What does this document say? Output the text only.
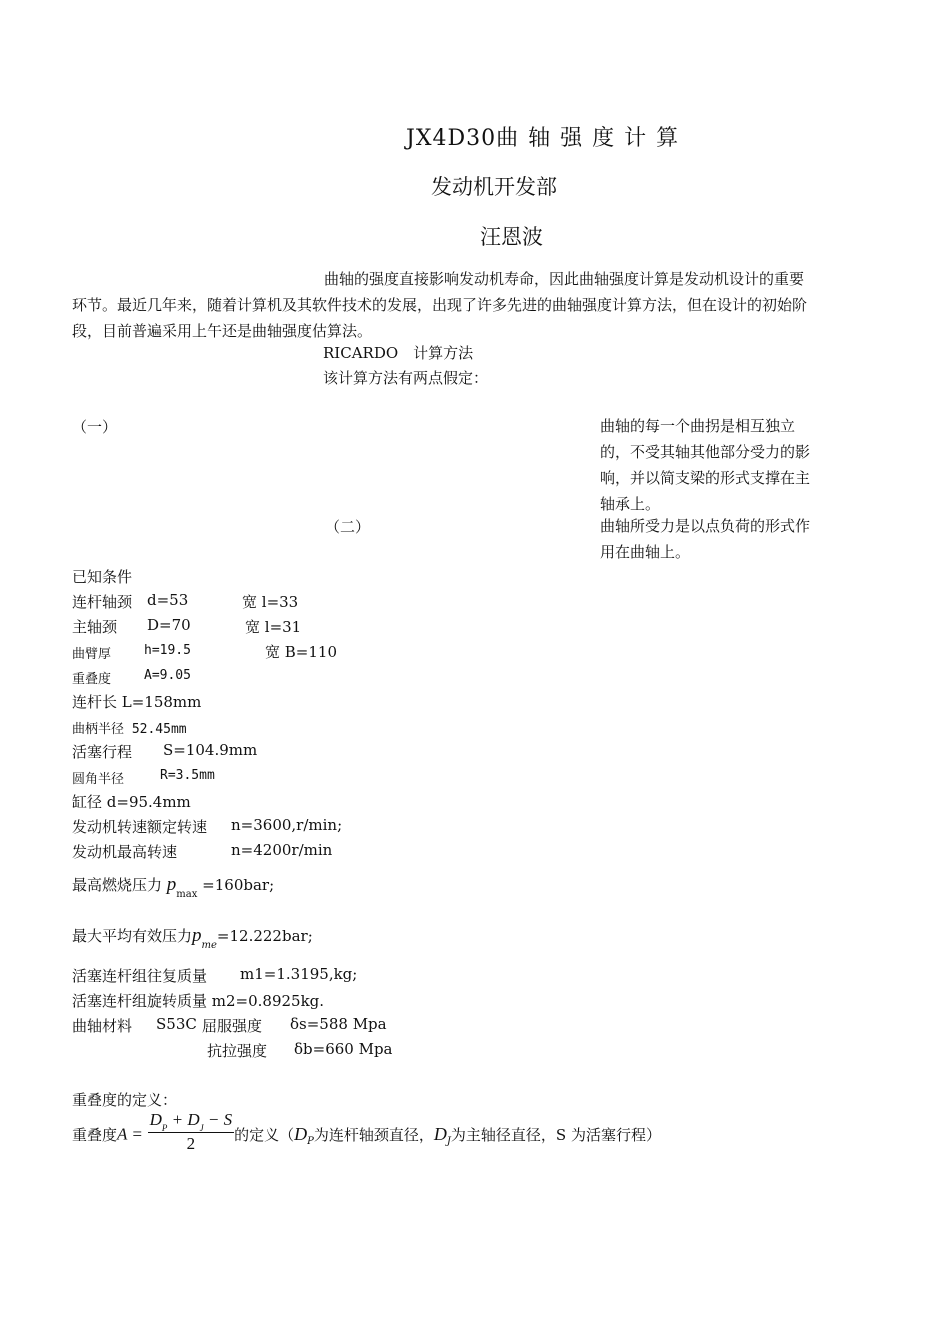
JX4D30曲轴强度计算
发动机开发部
汪恩波
曲轴的强度直接影响发动机寿命，因此曲轴强度计算是发动机设计的重要环节。最近几年来，随着计算机及其软件技术的发展，出现了许多先进的曲轴强度计算方法，但在设计的初始阶段，目前普遍采用上午还是曲轴强度估算法。
RICARDO　计算方法
该计算方法有两点假定：
（一）	曲轴的每一个曲拐是相互独立的，不受其轴其他部分受力的影响，并以简支梁的形式支撑在主轴承上。
（二）	曲轴所受力是以点负荷的形式作用在曲轴上。
已知条件
连杆轴颈 d=53	宽 l=33
主轴颈 D=70	宽 l=31
曲臂厚	h=19.5	宽 B=110
重叠度	A=9.05
连杆长 L=158mm
曲柄半径 52.45mm
活塞行程 S=104.9mm
圆角半径	R=3.5mm
缸径 d=95.4mm
发动机转速额定转速 n=3600,r/min;
发动机最高转速	n=4200r/min
最高燃烧压力 $p_{max} =160bar$;
最大平均有效压力$p_{me}=12.222bar$;
活塞连杆组往复质量 m1=1.3195,kg;
活塞连杆组旋转质量 m2=0.8925kg.
曲轴材料 S53C 屈服强度 δs=588 Mpa
抗拉强度 δb=660 Mpa
重叠度的定义：
重叠度$A = \frac{D_P + D_J - S}{2}$ 的定义（$D_P$为连杆轴颈直径，$D_J$为主轴径直径，S 为活塞行程）
